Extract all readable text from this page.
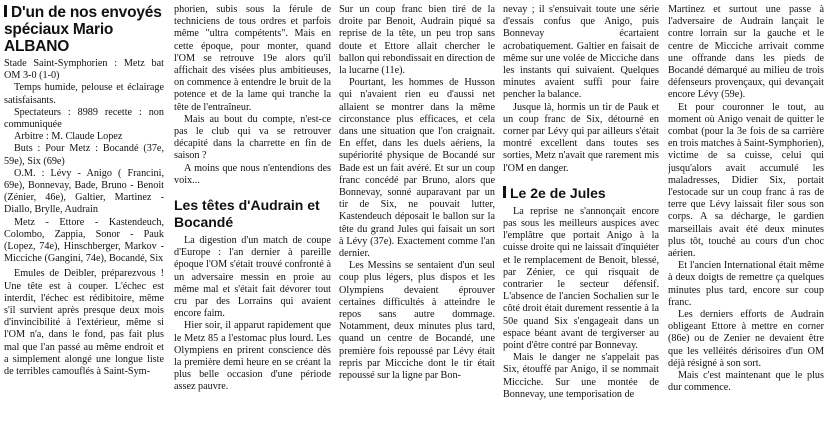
D'un de nos envoyés spéciaux Mario ALBANO

Stade Saint-Symphorien : Metz bat OM 3-0 (1-0)

Temps humide, pelouse et éclairage satisfaisants.

Spectateurs : 8989 recette : non communiquée

Arbitre : M. Claude Lopez

Buts : Pour Metz : Bocandé (37e, 59e), Six (69e)

O.M. : Lévy - Anigo ( Francini, 69e), Bonnevay, Bade, Bruno - Benoit (Zénier, 46e), Galtier, Martinez - Diallo, Brylle, Audrain

Metz - Ettore - Kastendeuch, Colombo, Zappia, Sonor - Pauk (Lopez, 74e), Hinschberger, Markov - Micciche (Gangini, 74e), Bocandé, Six

Emules de Deibler, préparezvous ! Une tête est à couper. L'échec est interdit, l'échec est rédibitoire, même s'il survient après presque deux mois d'invincibilité à l'extérieur, même si l'OM n'a, dans le fond, pas fait plus mal que l'an passé au même endroit et a simplement alongé une longue liste de terribles camouflés à Saint-Sym-

phorien, subis sous la férule de techniciens de tous ordres et parfois même "ultra compétents". Mais en cette époque, pour monter, quand l'OM se retrouve 19e alors qu'il affichait des visées plus ambitieuses, on commence à entendre le bruit de la potence et de la lame qui tranche la tête de l'entraîneur.

Mais au bout du compte, n'est-ce pas le club qui va se retrouver décapité dans la charrette en fin de saison ?

A moins que nous n'entendions des voix...

Les têtes d'Audrain et Bocandé

La digestion d'un match de coupe d'Europe : l'an dernier à pareille époque l'OM s'était trouvé confronté à un adversaire messin en proie au même mal et s'était fait dévorer tout cru par des Lorrains qui avaient encore faim.

Hier soir, il apparut rapidement que le Metz 85 a l'estomac plus lourd. Les Olympiens en prirent conscience dès la première demi heure en se créant la plus belle occasion d'une période assez pauvre.

Sur un coup franc bien tiré de la droite par Benoit, Audrain piqué sa reprise de la tête, un peu trop sans doute et Ettore allait chercher le ballon qui rebondissait en direction de la lucarne (11e).

Pourtant, les hommes de Husson qui n'avaient rien eu d'aussi net allaient se montrer dans la même circonstance plus efficaces, et cela dans une situation que l'on craignait. En effet, dans les duels aériens, la supériorité physique de Bocandé sur Bade est un fait avéré. Et sur un coup franc concédé par Bruno, alors que Bonnevay, sonné auparavant par un tir de Six, ne pouvait lutter, Kastendeuch déposait le ballon sur la tête du grand Jules qui faisait un sort à Lévy (37e). Exactement comme l'an dernier.

Les Messins se sentaient d'un seul coup plus légers, plus dispos et les Olympiens devaient éprouver certaines difficultés à atteindre le repos sans autre dommage. Notamment, deux minutes plus tard, quand un centre de Bocandé, une première fois repoussé par Lévy était repris par Micciche dont le tir était repoussé sur la ligne par Bon-

nevay ; il s'ensuivait toute une série d'essais confus que Anigo, puis Bonnevay écartaient acrobatiquement. Galtier en faisait de même sur une volée de Micciche dans les instants qui suivaient. Quelques minutes avaient suffi pour faire pencher la balance.

Jusque là, hormis un tir de Pauk et un coup franc de Six, détourné en corner par Lévy qui par ailleurs s'était montré excellent dans toutes ses sorties, Metz n'avait que rarement mis l'OM en danger.

Le 2e de Jules

La reprise ne s'annonçait encore pas sous les meilleurs auspices avec l'emplâtre que portait Anigo à la cuisse droite qui ne laissait d'inquiéter et le remplacement de Benoit, blessé, par Zénier, ce qui risquait de contrarier le secteur défensif. L'absence de l'ancien Sochalien sur le côté droit était durement ressentie à la 50e quand Six s'engageait dans un espace béant avant de tergiverser au point d'être contré par Bonnevay.

Mais le danger ne s'appelait pas Six, étouffé par Anigo, il se nommait Micciche. Sur une montée de Bonnevay, une temporisation de

Martinez et surtout une passe à l'adversaire de Audrain lançait le contre lorrain sur la gauche et le centre de Micciche arrivait comme une offrande dans les pieds de Bocandé démarqué au milieu de trois défenseurs provençaux, qui devançait encore Lévy (59e).

Et pour couronner le tout, au moment où Anigo venait de quitter le combat (pour la 3e fois de sa carrière en trois matches à Saint-Symphorien), victime de sa cuisse, celui qui jusqu'alors avait accumulé les maladresses, Didier Six, portait l'estocade sur un coup franc à ras de terre que Lévy laissait filer sous son corps. A sa décharge, le gardien marseillais avait été deux minutes plus tôt, touché au cours d'un choc aérien.

Et l'ancien International était même à deux doigts de remettre ça quelques minutes plus tard, encore sur coup franc.

Les derniers efforts de Audrain obligeant Ettore à mettre en corner (86e) ou de Zenier ne devaient être que les velléités dérisoires d'un OM déjà résigné à son sort.

Mais c'est maintenant que le plus dur commence.
